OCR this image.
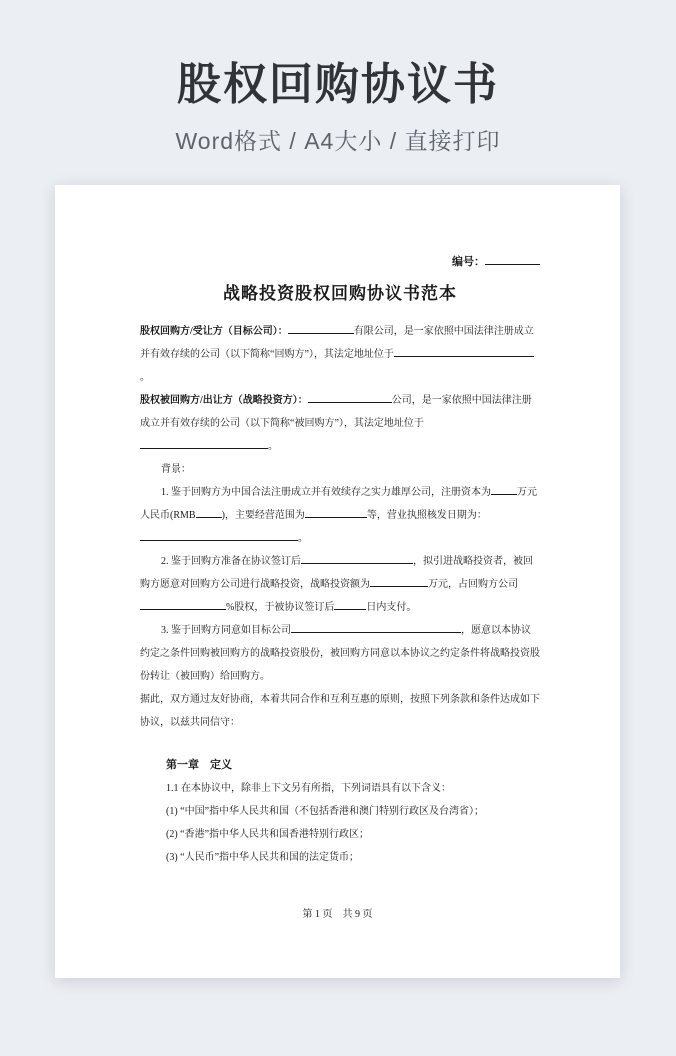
股权回购协议书
Word格式 / A4大小 / 直接打印
编号：
战略投资股权回购协议书范本

股权回购方/受让方（目标公司）：	有限公司，是一家依照中国法律注册成立并有效存续的公司（以下简称“回购方”），其法定地址位于。

股权被回购方/出让方（战略投资方）：	公司，是一家依照中国法律注册成立并有效存续的公司（以下简称“被回购方”），其法定地址位于。

背景：

1. 鉴于回购方为中国合法注册成立并有效续存之实力雄厚公司，注册资本为	万元人民币(RMB	)，主要经营范围为	等，营业执照核发日期为：。

2. 鉴于回购方准备在协议签订后	，拟引进战略投资者，被回购方愿意对回购方公司进行战略投资，战略投资额为	万元，占回购方公司%股权，于被协议签订后	日内支付。

3. 鉴于回购方同意如目标公司	，愿意以本协议约定之条件回购被回购方的战略投资股份，被回购方同意以本协议之约定条件将战略投资股份转让（被回购）给回购方。

据此，双方通过友好协商，本着共同合作和互利互惠的原则，按照下列条款和条件达成如下协议，以兹共同信守：

第一章　定义

1.1 在本协议中，除非上下文另有所指，下列词语具有以下含义：

(1) “中国”指中华人民共和国（不包括香港和澳门特别行政区及台湾省）；

(2) “香港”指中华人民共和国香港特别行政区；

(3) “人民币”指中华人民共和国的法定货币；

第 1 页　共 9 页
